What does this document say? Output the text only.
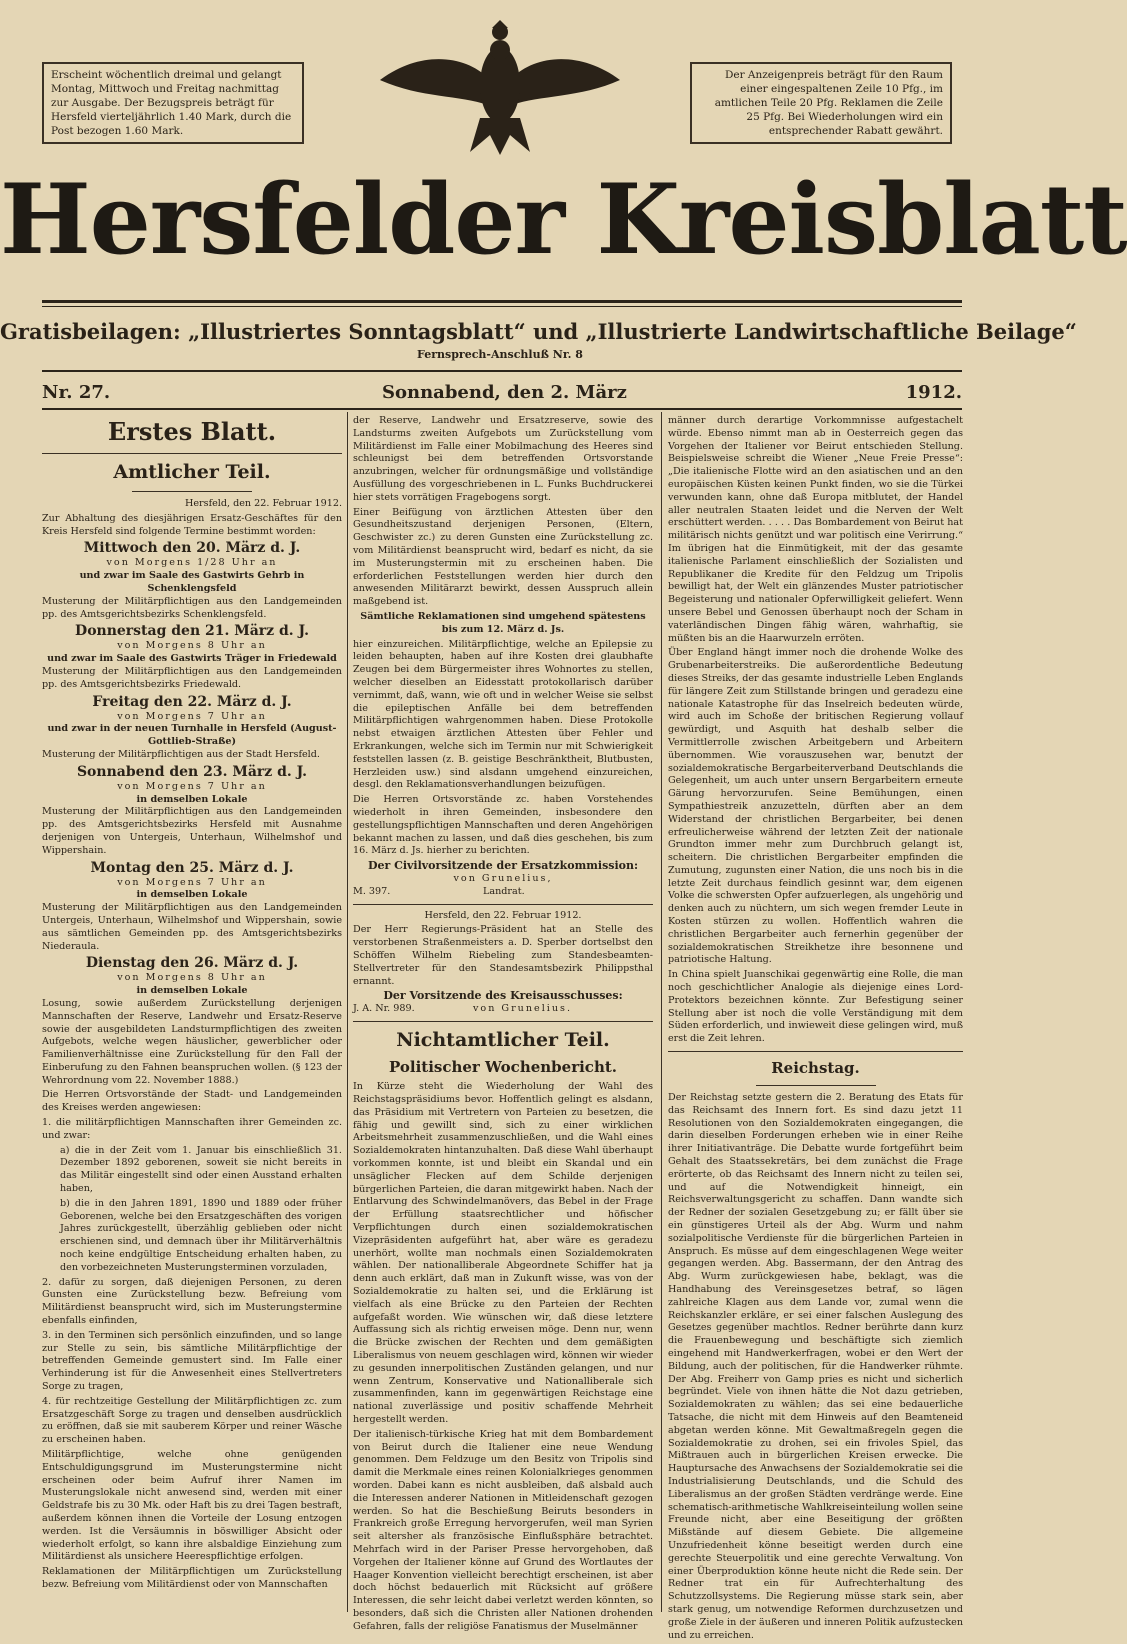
Erscheint wöchentlich dreimal und gelangt Montag, Mittwoch und Freitag nachmittag zur Ausgabe. Der Bezugspreis beträgt für Hersfeld vierteljährlich 1.40 Mark, durch die Post bezogen 1.60 Mark.
Der Anzeigenpreis beträgt für den Raum einer eingespaltenen Zeile 10 Pfg., im amtlichen Teile 20 Pfg. Reklamen die Zeile 25 Pfg. Bei Wiederholungen wird ein entsprechender Rabatt gewährt.
Hersfelder Kreisblatt
Gratisbeilagen: „Illustriertes Sonntagsblatt“ und „Illustrierte Landwirtschaftliche Beilage“
Fernsprech-Anschluß Nr. 8
Nr. 27.	Sonnabend, den 2. März	1912.
Erstes Blatt.
Amtlicher Teil.

Hersfeld, den 22. Februar 1912.

Zur Abhaltung des diesjährigen Ersatz-Geschäftes für den Kreis Hersfeld sind folgende Termine bestimmt worden:

Mittwoch den 20. März d. J.
von Morgens 1/28 Uhr an
und zwar im Saale des Gastwirts Gehrb in Schenklengsfeld

Musterung der Militärpflichtigen aus den Landgemeinden pp. des Amtsgerichtsbezirks Schenklengsfeld.

Donnerstag den 21. März d. J.
von Morgens 8 Uhr an
und zwar im Saale des Gastwirts Träger in Friedewald

Musterung der Militärpflichtigen aus den Landgemeinden pp. des Amtsgerichtsbezirks Friedewald.

Freitag den 22. März d. J.
von Morgens 7 Uhr an
und zwar in der neuen Turnhalle in Hersfeld (August-Gottlieb-Straße)

Musterung der Militärpflichtigen aus der Stadt Hersfeld.

Sonnabend den 23. März d. J.
von Morgens 7 Uhr an
in demselben Lokale

Musterung der Militärpflichtigen aus den Landgemeinden pp. des Amtsgerichtsbezirks Hersfeld mit Ausnahme derjenigen von Untergeis, Unterhaun, Wilhelmshof und Wippershain.

Montag den 25. März d. J.
von Morgens 7 Uhr an
in demselben Lokale

Musterung der Militärpflichtigen aus den Landgemeinden Untergeis, Unterhaun, Wilhelmshof und Wippershain, sowie aus sämtlichen Gemeinden pp. des Amtsgerichtsbezirks Niederaula.

Dienstag den 26. März d. J.
von Morgens 8 Uhr an
in demselben Lokale

Losung, sowie außerdem Zurückstellung derjenigen Mannschaften der Reserve, Landwehr und Ersatz-Reserve sowie der ausgebildeten Landsturmpflichtigen des zweiten Aufgebots, welche wegen häuslicher, gewerblicher oder Familienverhältnisse eine Zurückstellung für den Fall der Einberufung zu den Fahnen beanspruchen wollen. (§ 123 der Wehrordnung vom 22. November 1888.)

Die Herren Ortsvorstände der Stadt- und Landgemeinden des Kreises werden angewiesen:

1. die militärpflichtigen Mannschaften ihrer Gemeinden zc. und zwar:

a) die in der Zeit vom 1. Januar bis einschließlich 31. Dezember 1892 geborenen, soweit sie nicht bereits in das Militär eingestellt sind oder einen Ausstand erhalten haben,

b) die in den Jahren 1891, 1890 und 1889 oder früher Geborenen, welche bei den Ersatzgeschäften des vorigen Jahres zurückgestellt, überzählig geblieben oder nicht erschienen sind, und demnach über ihr Militärverhältnis noch keine endgültige Entscheidung erhalten haben, zu den vorbezeichneten Musterungsterminen vorzuladen,

2. dafür zu sorgen, daß diejenigen Personen, zu deren Gunsten eine Zurückstellung bezw. Befreiung vom Militärdienst beansprucht wird, sich im Musterungstermine ebenfalls einfinden,

3. in den Terminen sich persönlich einzufinden, und so lange zur Stelle zu sein, bis sämtliche Militärpflichtige der betreffenden Gemeinde gemustert sind. Im Falle einer Verhinderung ist für die Anwesenheit eines Stellvertreters Sorge zu tragen,

4. für rechtzeitige Gestellung der Militärpflichtigen zc. zum Ersatzgeschäft Sorge zu tragen und denselben ausdrücklich zu eröffnen, daß sie mit sauberem Körper und reiner Wäsche zu erscheinen haben.

Militärpflichtige, welche ohne genügenden Entschuldigungsgrund im Musterungstermine nicht erscheinen oder beim Aufruf ihrer Namen im Musterungslokale nicht anwesend sind, werden mit einer Geldstrafe bis zu 30 Mk. oder Haft bis zu drei Tagen bestraft, außerdem können ihnen die Vorteile der Losung entzogen werden. Ist die Versäumnis in böswilliger Absicht oder wiederholt erfolgt, so kann ihre alsbaldige Einziehung zum Militärdienst als unsichere Heerespflichtige erfolgen.

Reklamationen der Militärpflichtigen um Zurückstellung bezw. Befreiung vom Militärdienst oder von Mannschaften

der Reserve, Landwehr und Ersatzreserve, sowie des Landsturms zweiten Aufgebots um Zurückstellung vom Militärdienst im Falle einer Mobilmachung des Heeres sind schleunigst bei dem betreffenden Ortsvorstande anzubringen, welcher für ordnungsmäßige und vollständige Ausfüllung des vorgeschriebenen in L. Funks Buchdruckerei hier stets vorrätigen Fragebogens sorgt.

Einer Beifügung von ärztlichen Attesten über den Gesundheitszustand derjenigen Personen, (Eltern, Geschwister zc.) zu deren Gunsten eine Zurückstellung zc. vom Militärdienst beansprucht wird, bedarf es nicht, da sie im Musterungstermin mit zu erscheinen haben. Die erforderlichen Feststellungen werden hier durch den anwesenden Militärarzt bewirkt, dessen Ausspruch allein maßgebend ist.

Sämtliche Reklamationen sind umgehend spätestens bis zum 12. März d. Js.

hier einzureichen. Militärpflichtige, welche an Epilepsie zu leiden behaupten, haben auf ihre Kosten drei glaubhafte Zeugen bei dem Bürgermeister ihres Wohnortes zu stellen, welcher dieselben an Eidesstatt protokollarisch darüber vernimmt, daß, wann, wie oft und in welcher Weise sie selbst die epileptischen Anfälle bei dem betreffenden Militärpflichtigen wahrgenommen haben. Diese Protokolle nebst etwaigen ärztlichen Attesten über Fehler und Erkrankungen, welche sich im Termin nur mit Schwierigkeit feststellen lassen (z. B. geistige Beschränktheit, Blutbusten, Herzleiden usw.) sind alsdann umgehend einzureichen, desgl. den Reklamationsverhandlungen beizufügen.

Die Herren Ortsvorstände zc. haben Vorstehendes wiederholt in ihren Gemeinden, insbesondere den gestellungspflichtigen Mannschaften und deren Angehörigen bekannt machen zu lassen, und daß dies geschehen, bis zum 16. März d. Js. hierher zu berichten.

Der Civilvorsitzende der Ersatzkommission:
von Grunelius,
M. 397.	Landrat.

Hersfeld, den 22. Februar 1912.

Der Herr Regierungs-Präsident hat an Stelle des verstorbenen Straßenmeisters a. D. Sperber dortselbst den Schöffen Wilhelm Riebeling zum Standesbeamten-Stellvertreter für den Standesamtsbezirk Philippsthal ernannt.

Der Vorsitzende des Kreisausschusses:
J. A. Nr. 989.	von Grunelius.
Nichtamtlicher Teil.
Politischer Wochenbericht.

In Kürze steht die Wiederholung der Wahl des Reichstagspräsidiums bevor. Hoffentlich gelingt es alsdann, das Präsidium mit Vertretern von Parteien zu besetzen, die fähig und gewillt sind, sich zu einer wirklichen Arbeitsmehrheit zusammenzuschließen, und die Wahl eines Sozialdemokraten hintanzuhalten. Daß diese Wahl überhaupt vorkommen konnte, ist und bleibt ein Skandal und ein unsäglicher Flecken auf dem Schilde derjenigen bürgerlichen Parteien, die daran mitgewirkt haben. Nach der Entlarvung des Schwindelmanövers, das Bebel in der Frage der Erfüllung staatsrechtlicher und höfischer Verpflichtungen durch einen sozialdemokratischen Vizepräsidenten aufgeführt hat, aber wäre es geradezu unerhört, wollte man nochmals einen Sozialdemokraten wählen. Der nationalliberale Abgeordnete Schiffer hat ja denn auch erklärt, daß man in Zukunft wisse, was von der Sozialdemokratie zu halten sei, und die Erklärung ist vielfach als eine Brücke zu den Parteien der Rechten aufgefaßt worden. Wie wünschen wir, daß diese letztere Auffassung sich als richtig erweisen möge. Denn nur, wenn die Brücke zwischen der Rechten und dem gemäßigten Liberalismus von neuem geschlagen wird, können wir wieder zu gesunden innerpolitischen Zuständen gelangen, und nur wenn Zentrum, Konservative und Nationalliberale sich zusammenfinden, kann im gegenwärtigen Reichstage eine national zuverlässige und positiv schaffende Mehrheit hergestellt werden.

Der italienisch-türkische Krieg hat mit dem Bombardement von Beirut durch die Italiener eine neue Wendung genommen. Dem Feldzuge um den Besitz von Tripolis sind damit die Merkmale eines reinen Kolonialkrieges genommen worden. Dabei kann es nicht ausbleiben, daß alsbald auch die Interessen anderer Nationen in Mitleidenschaft gezogen werden. So hat die Beschießung Beiruts besonders in Frankreich große Erregung hervorgerufen, weil man Syrien seit altersher als französische Einflußsphäre betrachtet. Mehrfach wird in der Pariser Presse hervorgehoben, daß Vorgehen der Italiener könne auf Grund des Wortlautes der Haager Konvention vielleicht berechtigt erscheinen, ist aber doch höchst bedauerlich mit Rücksicht auf größere Interessen, die sehr leicht dabei verletzt werden könnten, so besonders, daß sich die Christen aller Nationen drohenden Gefahren, falls der religiöse Fanatismus der Muselmänner

männer durch derartige Vorkommnisse aufgestachelt würde. Ebenso nimmt man ab in Oesterreich gegen das Vorgehen der Italiener vor Beirut entschieden Stellung. Beispielsweise schreibt die Wiener „Neue Freie Presse“: „Die italienische Flotte wird an den asiatischen und an den europäischen Küsten keinen Punkt finden, wo sie die Türkei verwunden kann, ohne daß Europa mitblutet, der Handel aller neutralen Staaten leidet und die Nerven der Welt erschüttert werden. . . . . Das Bombardement von Beirut hat militärisch nichts genützt und war politisch eine Verirrung.“ Im übrigen hat die Einmütigkeit, mit der das gesamte italienische Parlament einschließlich der Sozialisten und Republikaner die Kredite für den Feldzug um Tripolis bewilligt hat, der Welt ein glänzendes Muster patriotischer Begeisterung und nationaler Opferwilligkeit geliefert. Wenn unsere Bebel und Genossen überhaupt noch der Scham in vaterländischen Dingen fähig wären, wahrhaftig, sie müßten bis an die Haarwurzeln erröten.

Über England hängt immer noch die drohende Wolke des Grubenarbeiterstreiks. Die außerordentliche Bedeutung dieses Streiks, der das gesamte industrielle Leben Englands für längere Zeit zum Stillstande bringen und geradezu eine nationale Katastrophe für das Inselreich bedeuten würde, wird auch im Schoße der britischen Regierung vollauf gewürdigt, und Asquith hat deshalb selber die Vermittlerrolle zwischen Arbeitgebern und Arbeitern übernommen. Wie vorauszusehen war, benutzt der sozialdemokratische Bergarbeiterverband Deutschlands die Gelegenheit, um auch unter unsern Bergarbeitern erneute Gärung hervorzurufen. Seine Bemühungen, einen Sympathiestreik anzuzetteln, dürften aber an dem Widerstand der christlichen Bergarbeiter, bei denen erfreulicherweise während der letzten Zeit der nationale Grundton immer mehr zum Durchbruch gelangt ist, scheitern. Die christlichen Bergarbeiter empfinden die Zumutung, zugunsten einer Nation, die uns noch bis in die letzte Zeit durchaus feindlich gesinnt war, dem eigenen Volke die schwersten Opfer aufzuerlegen, als ungehörig und denken auch zu nüchtern, um sich wegen fremder Leute in Kosten stürzen zu wollen. Hoffentlich wahren die christlichen Bergarbeiter auch fernerhin gegenüber der sozialdemokratischen Streikhetze ihre besonnene und patriotische Haltung.

In China spielt Juanschikai gegenwärtig eine Rolle, die man noch geschichtlicher Analogie als diejenige eines Lord-Protektors bezeichnen könnte. Zur Befestigung seiner Stellung aber ist noch die volle Verständigung mit dem Süden erforderlich, und inwieweit diese gelingen wird, muß erst die Zeit lehren.

Reichstag.

Der Reichstag setzte gestern die 2. Beratung des Etats für das Reichsamt des Innern fort. Es sind dazu jetzt 11 Resolutionen von den Sozialdemokraten eingegangen, die darin dieselben Forderungen erheben wie in einer Reihe ihrer Initiativanträge. Die Debatte wurde fortgeführt beim Gehalt des Staatssekretärs, bei dem zunächst die Frage erörterte, ob das Reichsamt des Innern nicht zu teilen sei, und auf die Notwendigkeit hinneigt, ein Reichsverwaltungsgericht zu schaffen. Dann wandte sich der Redner der sozialen Gesetzgebung zu; er fällt über sie ein günstigeres Urteil als der Abg. Wurm und nahm sozialpolitische Verdienste für die bürgerlichen Parteien in Anspruch. Es müsse auf dem eingeschlagenen Wege weiter gegangen werden. Abg. Bassermann, der den Antrag des Abg. Wurm zurückgewiesen habe, beklagt, was die Handhabung des Vereinsgesetzes betraf, so lägen zahlreiche Klagen aus dem Lande vor, zumal wenn die Reichskanzler erkläre, er sei einer falschen Auslegung des Gesetzes gegenüber machtlos. Redner berührte dann kurz die Frauenbewegung und beschäftigte sich ziemlich eingehend mit Handwerkerfragen, wobei er den Wert der Bildung, auch der politischen, für die Handwerker rühmte. Der Abg. Freiherr von Gamp pries es nicht und sicherlich begründet. Viele von ihnen hätte die Not dazu getrieben, Sozialdemokraten zu wählen; das sei eine bedauerliche Tatsache, die nicht mit dem Hinweis auf den Beamteneid abgetan werden könne. Mit Gewaltmaßregeln gegen die Sozialdemokratie zu drohen, sei ein frivoles Spiel, das Mißtrauen auch in bürgerlichen Kreisen erwecke. Die Hauptursache des Anwachsens der Sozialdemokratie sei die Industrialisierung Deutschlands, und die Schuld des Liberalismus an der großen Städten verdränge werde. Eine schematisch-arithmetische Wahlkreiseinteilung wollen seine Freunde nicht, aber eine Beseitigung der größten Mißstände auf diesem Gebiete. Die allgemeine Unzufriedenheit könne beseitigt werden durch eine gerechte Steuerpolitik und eine gerechte Verwaltung. Von einer Überproduktion könne heute nicht die Rede sein. Der Redner trat ein für Aufrechterhaltung des Schutzzollsystems. Die Regierung müsse stark sein, aber stark genug, um notwendige Reformen durchzusetzen und große Ziele in der äußeren und inneren Politik aufzustecken und zu erreichen.
